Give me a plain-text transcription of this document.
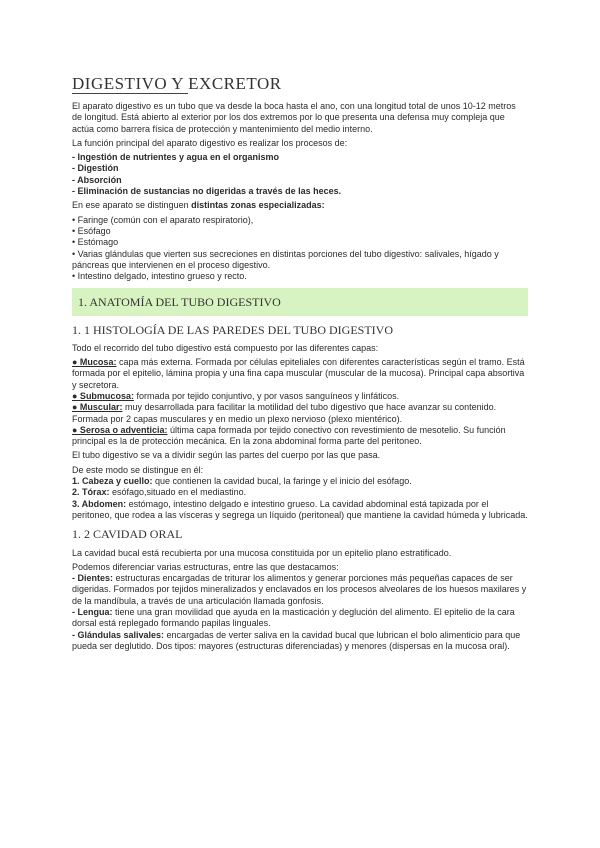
DIGESTIVO Y EXCRETOR

El aparato digestivo es un tubo que va desde la boca hasta el ano, con una longitud total de unos 10-12 metros de longitud. Está abierto al exterior por los dos extremos por lo que presenta una defensa muy compleja que actúa como barrera física de protección y mantenimiento del medio interno.

La función principal del aparato digestivo es realizar los procesos de:

- Ingestión de nutrientes y agua en el organismo
- Digestión
- Absorción
- Eliminación de sustancias no digeridas a través de las heces.

En ese aparato se distinguen distintas zonas especializadas:

• Faringe (común con el aparato respiratorio),
• Esófago
• Estómago
• Varias glándulas que vierten sus secreciones en distintas porciones del tubo digestivo: salivales, hígado y páncreas que intervienen en el proceso digestivo.
• Intestino delgado, intestino grueso y recto.
1. ANATOMÍA DEL TUBO DIGESTIVO
1. 1 HISTOLOGÍA DE LAS PAREDES DEL TUBO DIGESTIVO

Todo el recorrido del tubo digestivo está compuesto por las diferentes capas:

● Mucosa: capa más externa. Formada por células epiteliales con diferentes características según el tramo. Está formada por el epitelio, lámina propia y una fina capa muscular (muscular de la mucosa). Principal capa absortiva y secretora.
● Submucosa: formada por tejido conjuntivo, y por vasos sanguíneos y linfáticos.
● Muscular: muy desarrollada para facilitar la motilidad del tubo digestivo que hace avanzar su contenido. Formada por 2 capas musculares y en medio un plexo nervioso (plexo mientérico).
● Serosa o adventicia: última capa formada por tejido conectivo con revestimiento de mesotelio. Su función principal es la de protección mecánica. En la zona abdominal forma parte del peritoneo.

El tubo digestivo se va a dividir según las partes del cuerpo por las que pasa.

De este modo se distingue en él:
1. Cabeza y cuello: que contienen la cavidad bucal, la faringe y el inicio del esófago.
2. Tórax: esófago,situado en el mediastino.
3. Abdomen: estómago, intestino delgado e intestino grueso. La cavidad abdominal está tapizada por el peritoneo, que rodea a las vísceras y segrega un líquido (peritoneal) que mantiene la cavidad húmeda y lubricada.
1. 2 CAVIDAD ORAL

La cavidad bucal está recubierta por una mucosa constituida por un epitelio plano estratificado.

Podemos diferenciar varias estructuras, entre las que destacamos:
- Dientes: estructuras encargadas de triturar los alimentos y generar porciones más pequeñas capaces de ser digeridas. Formados por tejidos mineralizados y enclavados en los procesos alveolares de los huesos maxilares y de la mandíbula, a través de una articulación llamada gonfosis.
- Lengua: tiene una gran movilidad que ayuda en la masticación y deglución del alimento. El epitelio de la cara dorsal está replegado formando papilas linguales.
- Glándulas salivales: encargadas de verter saliva en la cavidad bucal que lubrican el bolo alimenticio para que pueda ser deglutido. Dos tipos: mayores (estructuras diferenciadas) y menores (dispersas en la mucosa oral).
